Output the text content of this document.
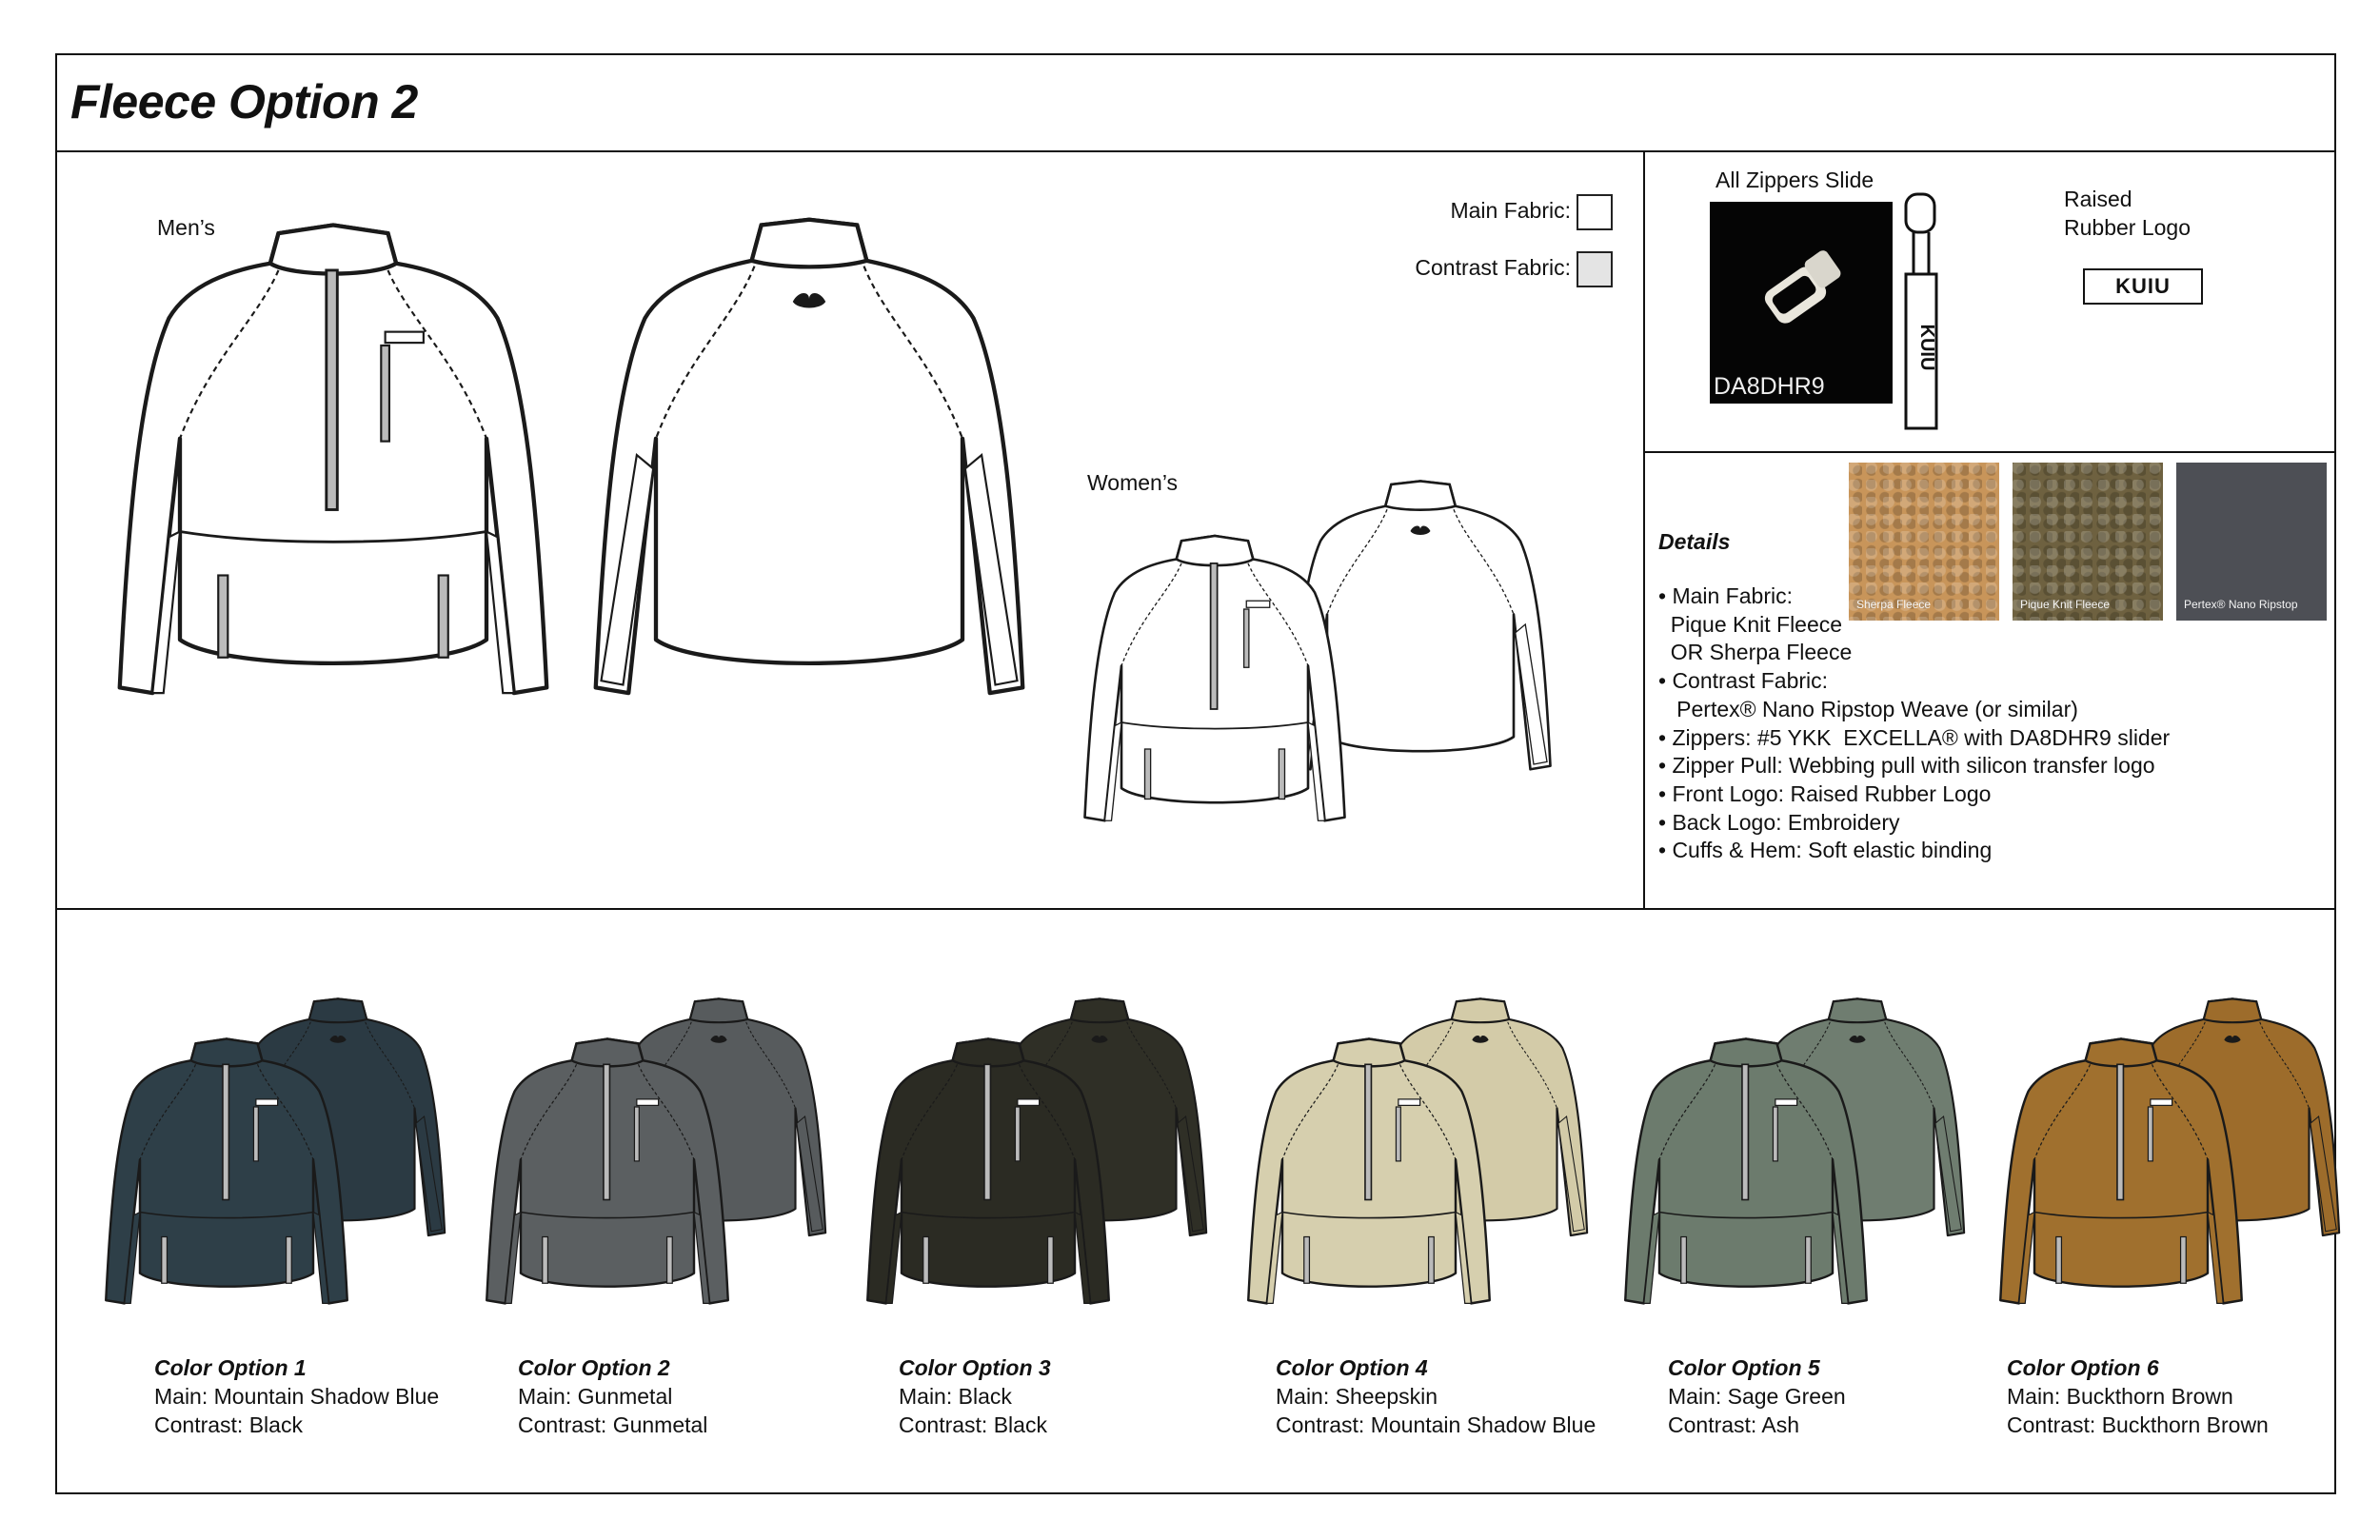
Fleece Option 2
Men’s
Main Fabric:
Contrast Fabric:
Women’s
All Zippers Slide
DA8DHR9
KUIU
Raised
Rubber Logo
KUIU
Details
• Main Fabric:
Pique Knit Fleece
OR Sherpa Fleece
• Contrast Fabric:
Pertex® Nano Ripstop Weave (or similar)
• Zippers: #5 YKK  EXCELLA® with DA8DHR9 slider
• Zipper Pull: Webbing pull with silicon transfer logo
• Front Logo: Raised Rubber Logo
• Back Logo: Embroidery
• Cuffs & Hem: Soft elastic binding
Sherpa Fleece	Pique Knit Fleece	Pertex® Nano Ripstop
Color Option 1
Main: Mountain Shadow Blue
Contrast: Black
Color Option 2
Main: Gunmetal
Contrast: Gunmetal
Color Option 3
Main: Black
Contrast: Black
Color Option 4
Main: Sheepskin
Contrast: Mountain Shadow Blue
Color Option 5
Main: Sage Green
Contrast: Ash
Color Option 6
Main: Buckthorn Brown
Contrast: Buckthorn Brown
